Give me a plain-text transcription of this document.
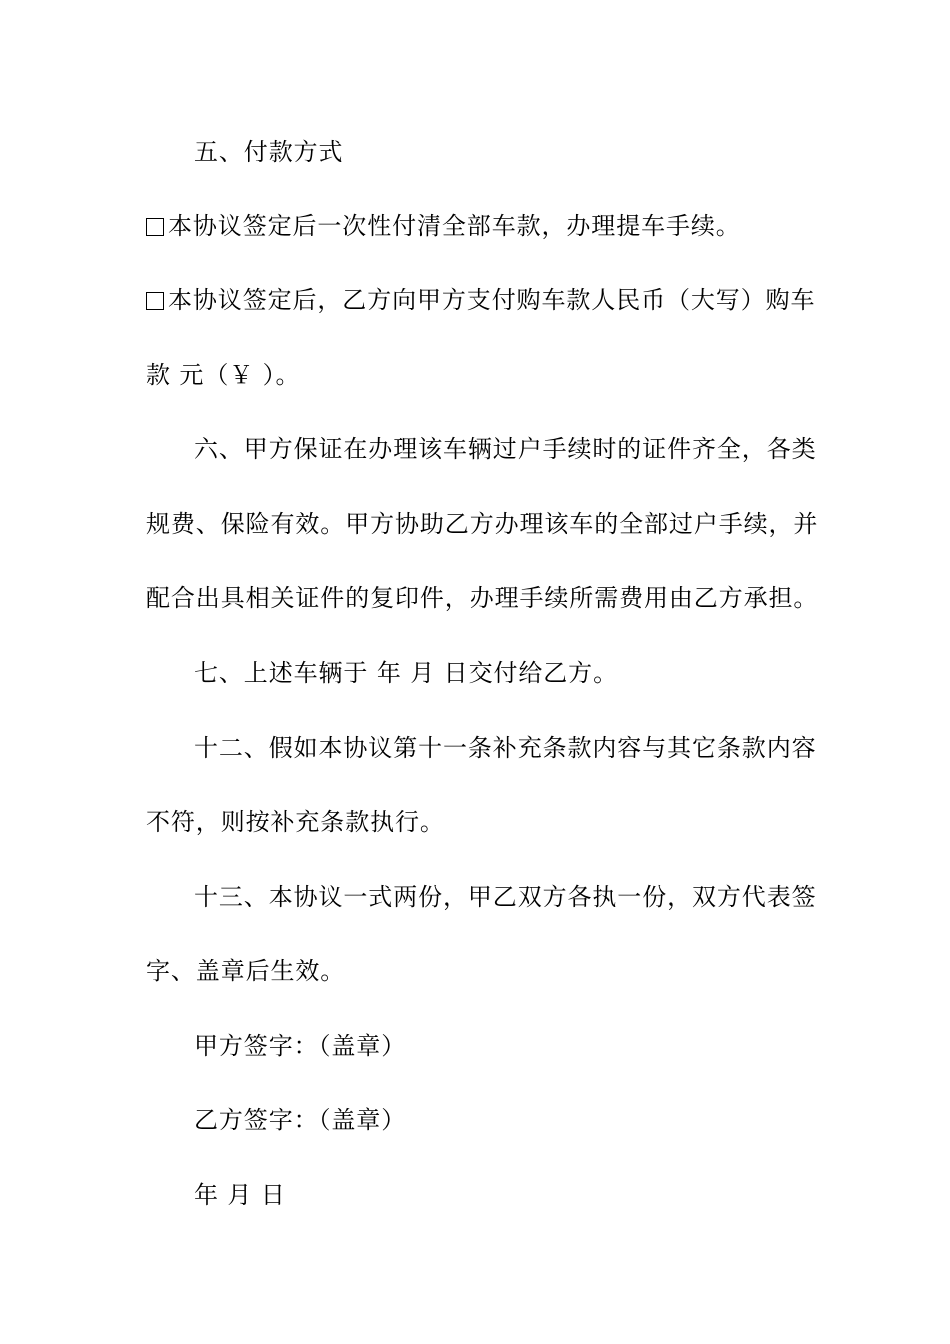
五、付款方式
本协议签定后一次性付清全部车款，办理提车手续。
本协议签定后，乙方向甲方支付购车款人民币（大写）购车
款 元（￥ ）。
六、甲方保证在办理该车辆过户手续时的证件齐全，各类
规费、保险有效。甲方协助乙方办理该车的全部过户手续，并
配合出具相关证件的复印件，办理手续所需费用由乙方承担。
七、上述车辆于 年 月 日交付给乙方。
十二、假如本协议第十一条补充条款内容与其它条款内容
不符，则按补充条款执行。
十三、本协议一式两份，甲乙双方各执一份，双方代表签
字、盖章后生效。
甲方签字：（盖章）
乙方签字：（盖章）
年 月 日
